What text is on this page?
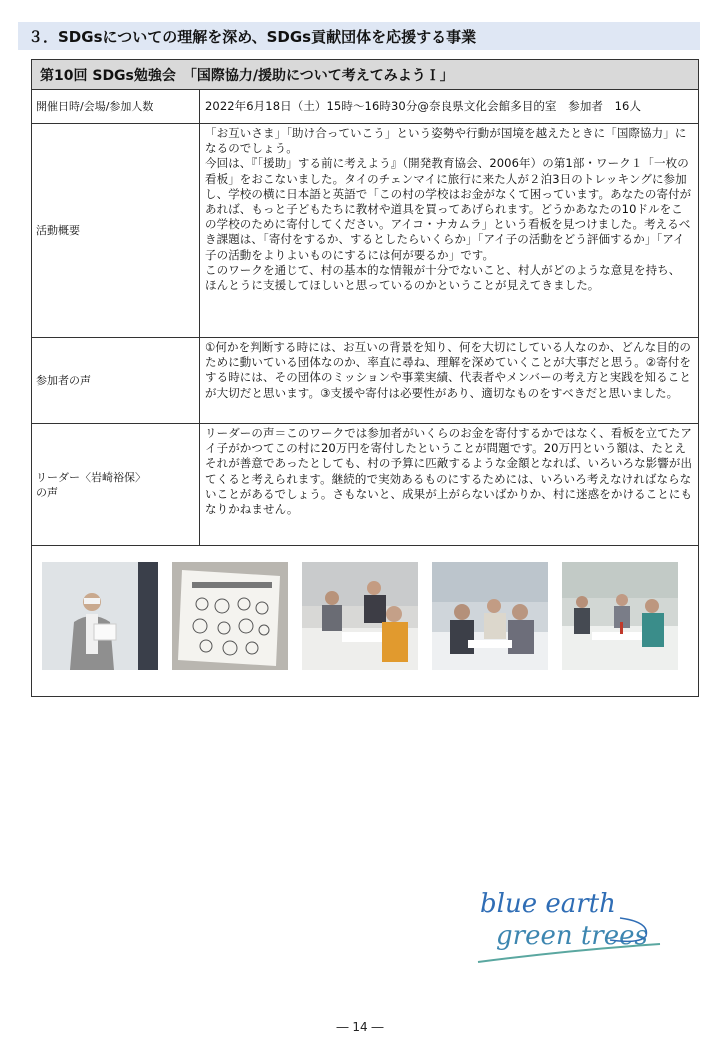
３．SDGsについての理解を深め、SDGs貢献団体を応援する事業
第10回 SDGs勉強会　「国際協力/援助について考えてみようＩ」
開催日時/会場/参加人数	2022年6月18日（土）15時～16時30分@奈良県文化会館多目的室　参加者　16人
活動概要
「お互いさま」「助け合っていこう」という姿勢や行動が国境を越えたときに「国際協力」になるのでしょう。
今回は、『「援助」する前に考えよう』（開発教育協会、2006年）の第1部・ワーク１「一枚の看板」をおこないました。タイのチェンマイに旅行に来た人が２泊3日のトレッキングに参加し、学校の横に日本語と英語で「この村の学校はお金がなくて困っています。あなたの寄付があれば、もっと子どもたちに教材や道具を買ってあげられます。どうかあなたの10ドルをこの学校のために寄付してください。アイコ・ナカムラ」という看板を見つけました。考えるべき課題は、「寄付をするか、するとしたらいくらか」「アイ子の活動をどう評価するか」「アイ子の活動をよりよいものにするには何が要るか」です。
このワークを通じて、村の基本的な情報が十分でないこと、村人がどのような意見を持ち、
ほんとうに支援してほしいと思っているのかということが見えてきました。
参加者の声
①何かを判断する時には、お互いの背景を知り、何を大切にしている人なのか、どんな目的のために動いている団体なのか、率直に尋ね、理解を深めていくことが大事だと思う。②寄付をする時には、その団体のミッションや事業実績、代表者やメンバーの考え方と実践を知ることが大切だと思います。③支援や寄付は必要性があり、適切なものをすべきだと思いました。
リーダー〈岩崎裕保〉
の声
リーダーの声＝このワークでは参加者がいくらのお金を寄付するかではなく、看板を立てたアイ子がかつてこの村に20万円を寄付したということが問題です。20万円という額は、たとえそれが善意であったとしても、村の予算に匹敵するような金額となれば、いろいろな影響が出てくると考えられます。継続的で実効あるものにするためには、いろいろ考えなければならないことがあるでしょう。さもないと、成果が上がらないばかりか、村に迷惑をかけることにもなりかねません。
blue earth
green trees
― 14 ―
